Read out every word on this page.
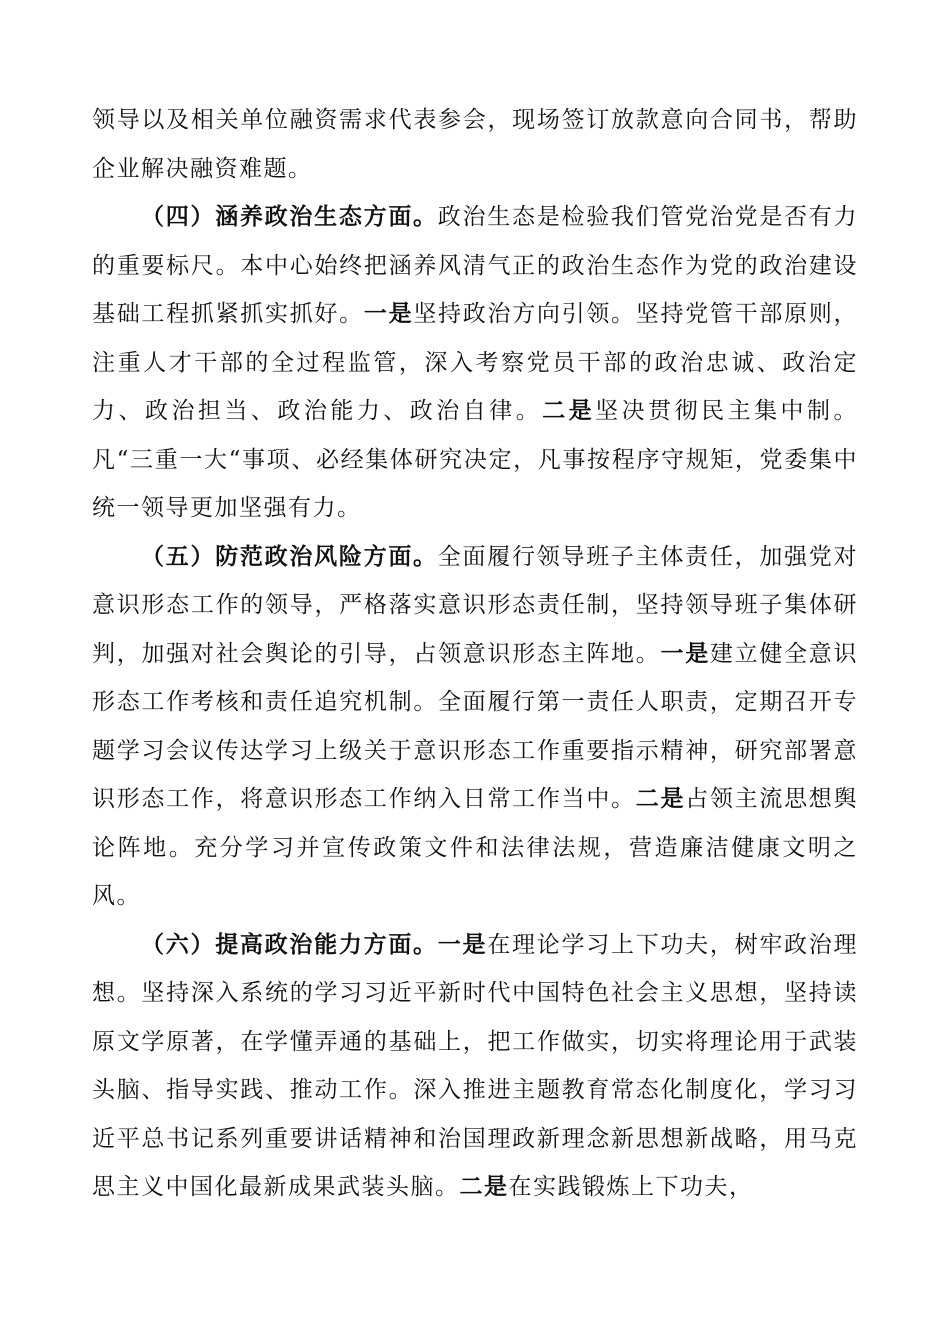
领导以及相关单位融资需求代表参会，现场签订放款意向合同书，帮助企业解决融资难题。

（四）涵养政治生态方面。政治生态是检验我们管党治党是否有力的重要标尺。本中心始终把涵养风清气正的政治生态作为党的政治建设基础工程抓紧抓实抓好。一是坚持政治方向引领。坚持党管干部原则，注重人才干部的全过程监管，深入考察党员干部的政治忠诚、政治定力、政治担当、政治能力、政治自律。二是坚决贯彻民主集中制。凡“三重一大“事项、必经集体研究决定，凡事按程序守规矩，党委集中统一领导更加坚强有力。

（五）防范政治风险方面。全面履行领导班子主体责任，加强党对意识形态工作的领导，严格落实意识形态责任制，坚持领导班子集体研判，加强对社会舆论的引导，占领意识形态主阵地。一是建立健全意识形态工作考核和责任追究机制。全面履行第一责任人职责，定期召开专题学习会议传达学习上级关于意识形态工作重要指示精神，研究部署意识形态工作，将意识形态工作纳入日常工作当中。二是占领主流思想舆论阵地。充分学习并宣传政策文件和法律法规，营造廉洁健康文明之风。

（六）提高政治能力方面。一是在理论学习上下功夫，树牢政治理想。坚持深入系统的学习习近平新时代中国特色社会主义思想，坚持读原文学原著，在学懂弄通的基础上，把工作做实，切实将理论用于武装头脑、指导实践、推动工作。深入推进主题教育常态化制度化，学习习近平总书记系列重要讲话精神和治国理政新理念新思想新战略，用马克思主义中国化最新成果武装头脑。二是在实践锻炼上下功夫，
